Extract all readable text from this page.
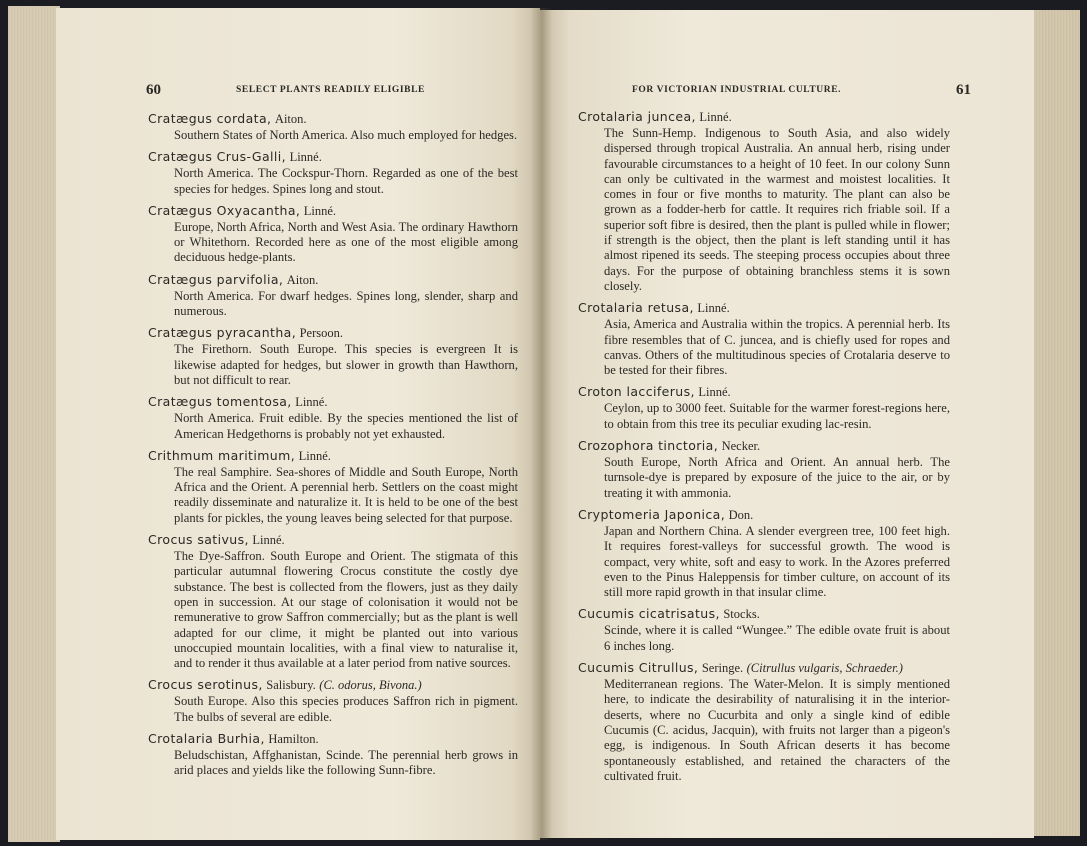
60	SELECT PLANTS READILY ELIGIBLE	FOR VICTORIAN INDUSTRIAL CULTURE.	61
Cratægus cordata, Aiton.
Southern States of North America. Also much employed for hedges.
Cratægus Crus-Galli, Linné.
North America. The Cockspur-Thorn. Regarded as one of the best species for hedges. Spines long and stout.
Cratægus Oxyacantha, Linné.
Europe, North Africa, North and West Asia. The ordinary Hawthorn or Whitethorn. Recorded here as one of the most eligible among deciduous hedge-plants.
Cratægus parvifolia, Aiton.
North America. For dwarf hedges. Spines long, slender, sharp and numerous.
Cratægus pyracantha, Persoon.
The Firethorn. South Europe. This species is evergreen It is likewise adapted for hedges, but slower in growth than Hawthorn, but not difficult to rear.
Cratægus tomentosa, Linné.
North America. Fruit edible. By the species mentioned the list of American Hedgethorns is probably not yet exhausted.
Crithmum maritimum, Linné.
The real Samphire. Sea-shores of Middle and South Europe, North Africa and the Orient. A perennial herb. Settlers on the coast might readily disseminate and naturalize it. It is held to be one of the best plants for pickles, the young leaves being selected for that purpose.
Crocus sativus, Linné.
The Dye-Saffron. South Europe and Orient. The stigmata of this particular autumnal flowering Crocus constitute the costly dye substance. The best is collected from the flowers, just as they daily open in succession. At our stage of colonisation it would not be remunerative to grow Saffron commercially; but as the plant is well adapted for our clime, it might be planted out into various unoccupied mountain localities, with a final view to naturalise it, and to render it thus available at a later period from native sources.
Crocus serotinus, Salisbury. (C. odorus, Bivona.)
South Europe. Also this species produces Saffron rich in pigment. The bulbs of several are edible.
Crotalaria Burhia, Hamilton.
Beludschistan, Affghanistan, Scinde. The perennial herb grows in arid places and yields like the following Sunn-fibre.
Crotalaria juncea, Linné.
The Sunn-Hemp. Indigenous to South Asia, and also widely dispersed through tropical Australia. An annual herb, rising under favourable circumstances to a height of 10 feet. In our colony Sunn can only be cultivated in the warmest and moistest localities. It comes in four or five months to maturity. The plant can also be grown as a fodder-herb for cattle. It requires rich friable soil. If a superior soft fibre is desired, then the plant is pulled while in flower; if strength is the object, then the plant is left standing until it has almost ripened its seeds. The steeping process occupies about three days. For the purpose of obtaining branchless stems it is sown closely.
Crotalaria retusa, Linné.
Asia, America and Australia within the tropics. A perennial herb. Its fibre resembles that of C. juncea, and is chiefly used for ropes and canvas. Others of the multitudinous species of Crotalaria deserve to be tested for their fibres.
Croton lacciferus, Linné.
Ceylon, up to 3000 feet. Suitable for the warmer forest-regions here, to obtain from this tree its peculiar exuding lac-resin.
Crozophora tinctoria, Necker.
South Europe, North Africa and Orient. An annual herb. The turnsole-dye is prepared by exposure of the juice to the air, or by treating it with ammonia.
Cryptomeria Japonica, Don.
Japan and Northern China. A slender evergreen tree, 100 feet high. It requires forest-valleys for successful growth. The wood is compact, very white, soft and easy to work. In the Azores preferred even to the Pinus Haleppensis for timber culture, on account of its still more rapid growth in that insular clime.
Cucumis cicatrisatus, Stocks.
Scinde, where it is called “Wungee.” The edible ovate fruit is about 6 inches long.
Cucumis Citrullus, Seringe. (Citrullus vulgaris, Schraeder.)
Mediterranean regions. The Water-Melon. It is simply mentioned here, to indicate the desirability of naturalising it in the interior-deserts, where no Cucurbita and only a single kind of edible Cucumis (C. acidus, Jacquin), with fruits not larger than a pigeon's egg, is indigenous. In South African deserts it has become spontaneously established, and retained the characters of the cultivated fruit.
